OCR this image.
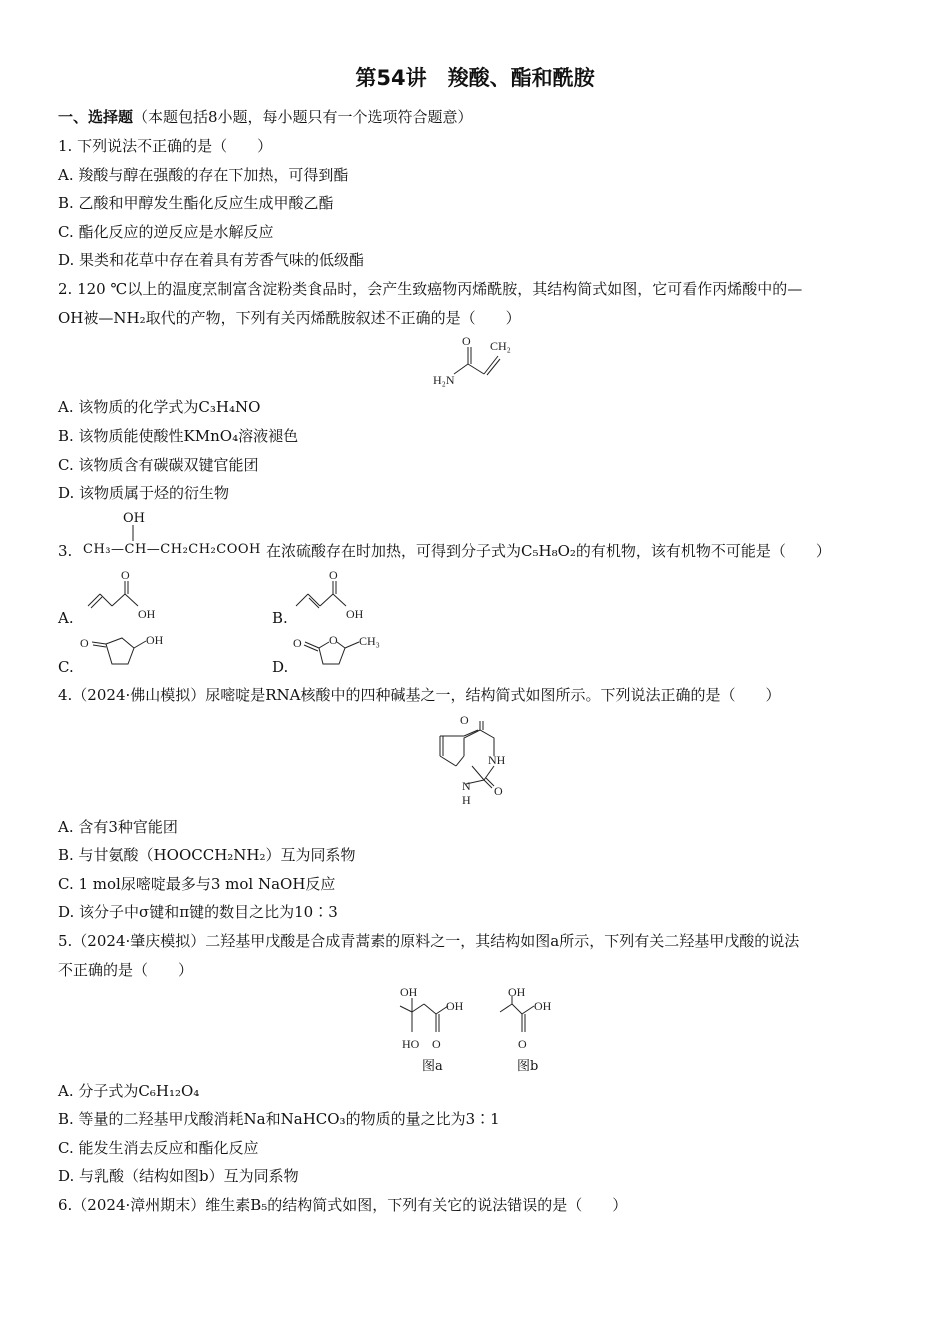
第54讲　羧酸、酯和酰胺
一、选择题（本题包括8小题，每小题只有一个选项符合题意）
1. 下列说法不正确的是（　　）
A. 羧酸与醇在强酸的存在下加热，可得到酯
B. 乙酸和甲醇发生酯化反应生成甲酸乙酯
C. 酯化反应的逆反应是水解反应
D. 果类和花草中存在着具有芳香气味的低级酯
2. 120 ℃以上的温度烹制富含淀粉类食品时，会产生致癌物丙烯酰胺，其结构简式如图，它可看作丙烯酸中的—
OH被—NH₂取代的产物，下列有关丙烯酰胺叙述不正确的是（　　）
O CH₂
H₂N
A. 该物质的化学式为C₃H₄NO
B. 该物质能使酸性KMnO₄溶液褪色
C. 该物质含有碳碳双键官能团
D. 该物质属于烃的衍生物
3.
OH
CH₃—CH—CH₂CH₂COOH 在浓硫酸存在时加热，可得到分子式为C₅H₈O₂的有机物，该有机物不可能是（　　）
A.
O
OH	B.
O
OH
C.
O	OH
D.
O O CH₃
4.（2024·佛山模拟）尿嘧啶是RNA核酸中的四种碱基之一，结构简式如图所示。下列说法正确的是（　　）
O
NH
N
H
O
A. 含有3种官能团
B. 与甘氨酸（HOOCCH₂NH₂）互为同系物
C. 1 mol尿嘧啶最多与3 mol NaOH反应
D. 该分子中σ键和π键的数目之比为10∶3
5.（2024·肇庆模拟）二羟基甲戊酸是合成青蒿素的原料之一，其结构如图a所示，下列有关二羟基甲戊酸的说法
不正确的是（　　）
OH
OH
HO O
图a
OH
OH
O
图b
A. 分子式为C₆H₁₂O₄
B. 等量的二羟基甲戊酸消耗Na和NaHCO₃的物质的量之比为3∶1
C. 能发生消去反应和酯化反应
D. 与乳酸（结构如图b）互为同系物
6.（2024·漳州期末）维生素B₅的结构简式如图，下列有关它的说法错误的是（　　）
